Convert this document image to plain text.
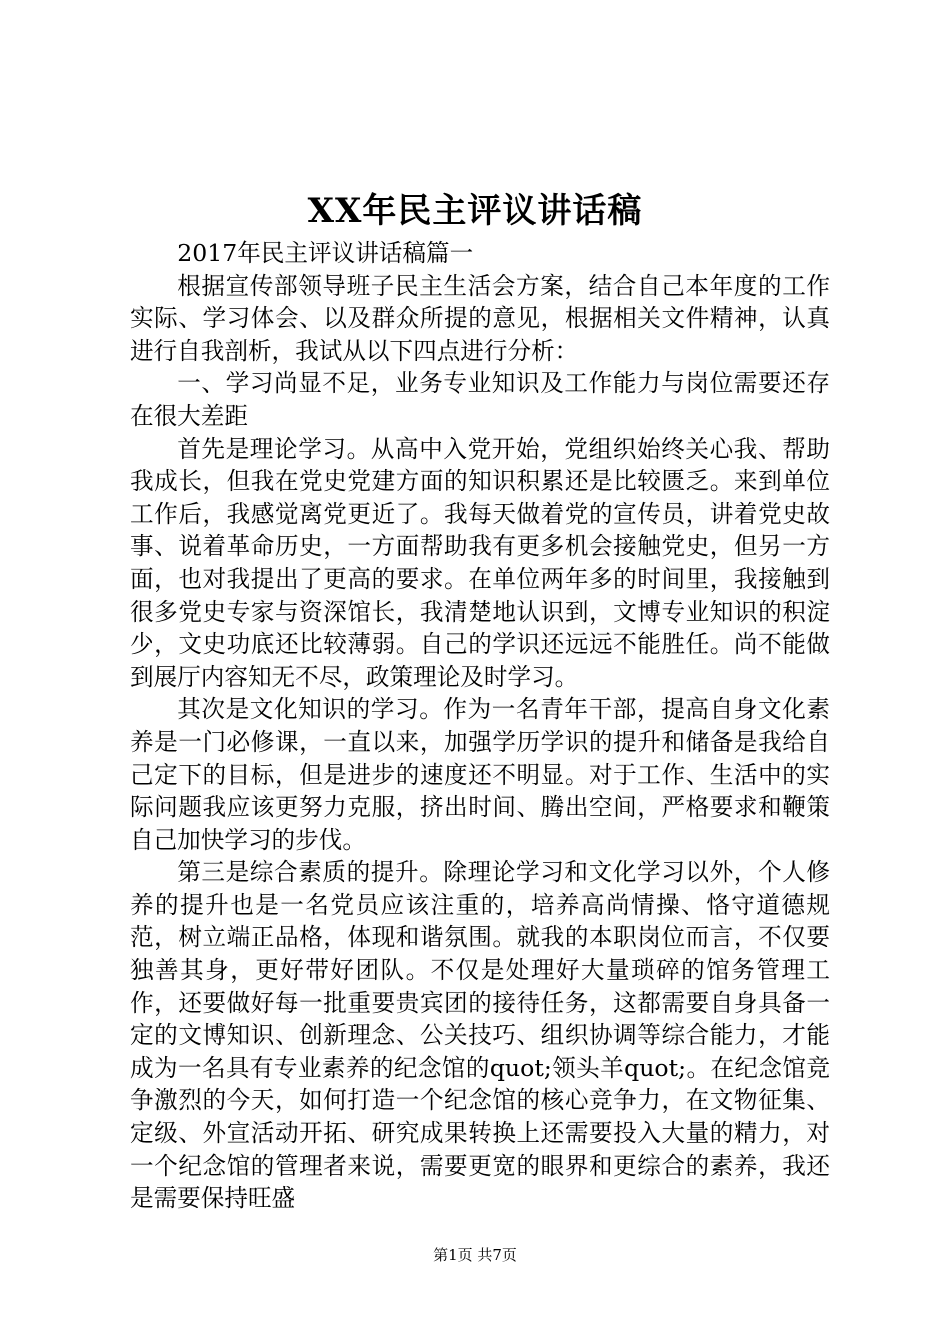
XX年民主评议讲话稿

2017年民主评议讲话稿篇一

根据宣传部领导班子民主生活会方案，结合自己本年度的工作实际、学习体会、以及群众所提的意见，根据相关文件精神，认真进行自我剖析，我试从以下四点进行分析：

一、学习尚显不足，业务专业知识及工作能力与岗位需要还存在很大差距

首先是理论学习。从高中入党开始，党组织始终关心我、帮助我成长，但我在党史党建方面的知识积累还是比较匮乏。来到单位工作后，我感觉离党更近了。我每天做着党的宣传员，讲着党史故事、说着革命历史，一方面帮助我有更多机会接触党史，但另一方面，也对我提出了更高的要求。在单位两年多的时间里，我接触到很多党史专家与资深馆长，我清楚地认识到，文博专业知识的积淀少，文史功底还比较薄弱。自己的学识还远远不能胜任。尚不能做到展厅内容知无不尽，政策理论及时学习。

其次是文化知识的学习。作为一名青年干部，提高自身文化素养是一门必修课，一直以来，加强学历学识的提升和储备是我给自己定下的目标，但是进步的速度还不明显。对于工作、生活中的实际问题我应该更努力克服，挤出时间、腾出空间，严格要求和鞭策自己加快学习的步伐。

第三是综合素质的提升。除理论学习和文化学习以外，个人修养的提升也是一名党员应该注重的，培养高尚情操、恪守道德规范，树立端正品格，体现和谐氛围。就我的本职岗位而言，不仅要独善其身，更好带好团队。不仅是处理好大量琐碎的馆务管理工作，还要做好每一批重要贵宾团的接待任务，这都需要自身具备一定的文博知识、创新理念、公关技巧、组织协调等综合能力，才能成为一名具有专业素养的纪念馆的quot;领头羊quot;。在纪念馆竞争激烈的今天，如何打造一个纪念馆的核心竞争力，在文物征集、定级、外宣活动开拓、研究成果转换上还需要投入大量的精力，对一个纪念馆的管理者来说，需要更宽的眼界和更综合的素养，我还是需要保持旺盛

第1页 共7页
